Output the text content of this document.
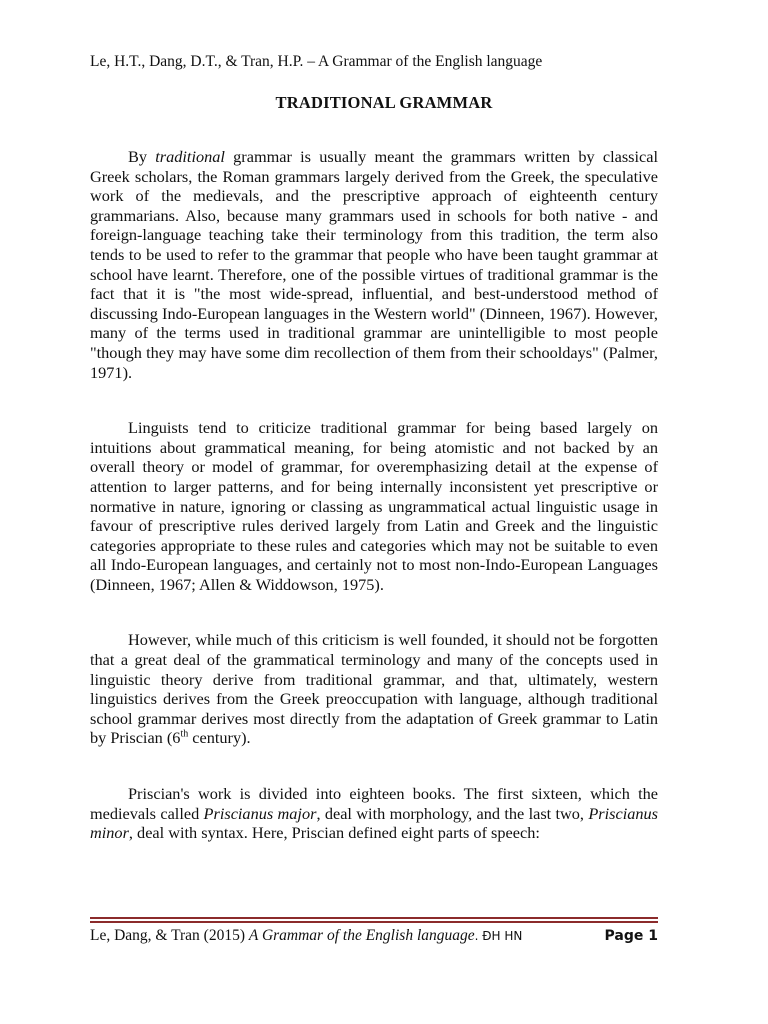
Le, H.T., Dang, D.T., & Tran, H.P. – A Grammar of the English language
TRADITIONAL GRAMMAR

By traditional grammar is usually meant the grammars written by classical Greek scholars, the Roman grammars largely derived from the Greek, the speculative work of the medievals, and the prescriptive approach of eighteenth century grammarians. Also, because many grammars used in schools for both native - and foreign-language teaching take their terminology from this tradition, the term also tends to be used to refer to the grammar that people who have been taught grammar at school have learnt. Therefore, one of the possible virtues of traditional grammar is the fact that it is "the most wide-spread, influential, and best-understood method of discussing Indo-European languages in the Western world" (Dinneen, 1967). However, many of the terms used in traditional grammar are unintelligible to most people "though they may have some dim recollection of them from their schooldays" (Palmer, 1971).

Linguists tend to criticize traditional grammar for being based largely on intuitions about grammatical meaning, for being atomistic and not backed by an overall theory or model of grammar, for overemphasizing detail at the expense of attention to larger patterns, and for being internally inconsistent yet prescriptive or normative in nature, ignoring or classing as ungrammatical actual linguistic usage in favour of prescriptive rules derived largely from Latin and Greek and the linguistic categories appropriate to these rules and categories which may not be suitable to even all Indo-European languages, and certainly not to most non-Indo-European Languages (Dinneen, 1967; Allen & Widdowson, 1975).

However, while much of this criticism is well founded, it should not be forgotten that a great deal of the grammatical terminology and many of the concepts used in linguistic theory derive from traditional grammar, and that, ultimately, western linguistics derives from the Greek preoccupation with language, although traditional school grammar derives most directly from the adaptation of Greek grammar to Latin by Priscian (6th century).

Priscian's work is divided into eighteen books. The first sixteen, which the medievals called Priscianus major, deal with morphology, and the last two, Priscianus minor, deal with syntax. Here, Priscian defined eight parts of speech:

Le, Dang, & Tran (2015) A Grammar of the English language. ĐH HN	Page 1
